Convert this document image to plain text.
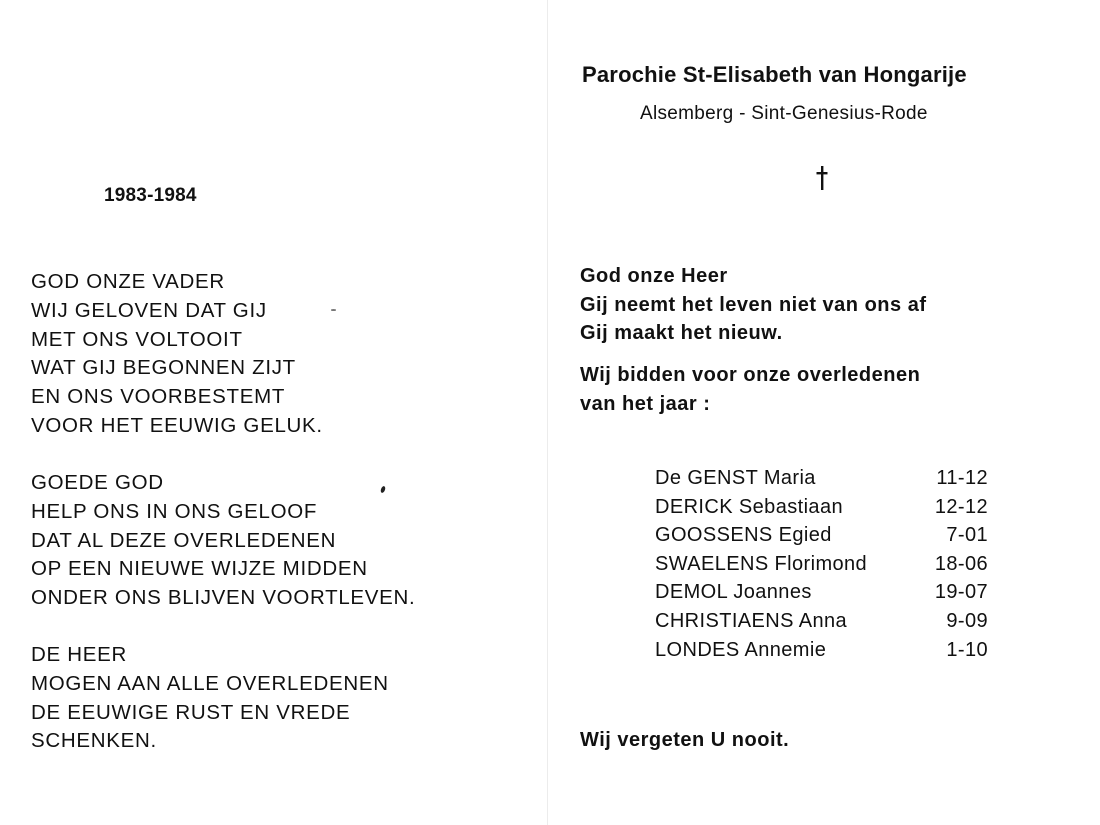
1983-1984
GOD ONZE VADER
WIJ GELOVEN DAT GIJ
MET ONS VOLTOOIT
WAT GIJ BEGONNEN ZIJT
EN ONS VOORBESTEMT
VOOR HET EEUWIG GELUK.
GOEDE GOD
HELP ONS IN ONS GELOOF
DAT AL DEZE OVERLEDENEN
OP EEN NIEUWE WIJZE MIDDEN
ONDER ONS BLIJVEN VOORTLEVEN.
DE HEER
MOGEN AAN ALLE OVERLEDENEN
DE EEUWIGE RUST EN VREDE
SCHENKEN.
Parochie St-Elisabeth van Hongarije
Alsemberg - Sint-Genesius-Rode
God onze Heer
Gij neemt het leven niet van ons af
Gij maakt het nieuw.
Wij bidden voor onze overledenen
van het jaar :
De GENST Maria	11-12
DERICK Sebastiaan	12-12
GOOSSENS Egied	7-01
SWAELENS Florimond	18-06
DEMOL Joannes	19-07
CHRISTIAENS Anna	9-09
LONDES Annemie	1-10
Wij vergeten U nooit.
